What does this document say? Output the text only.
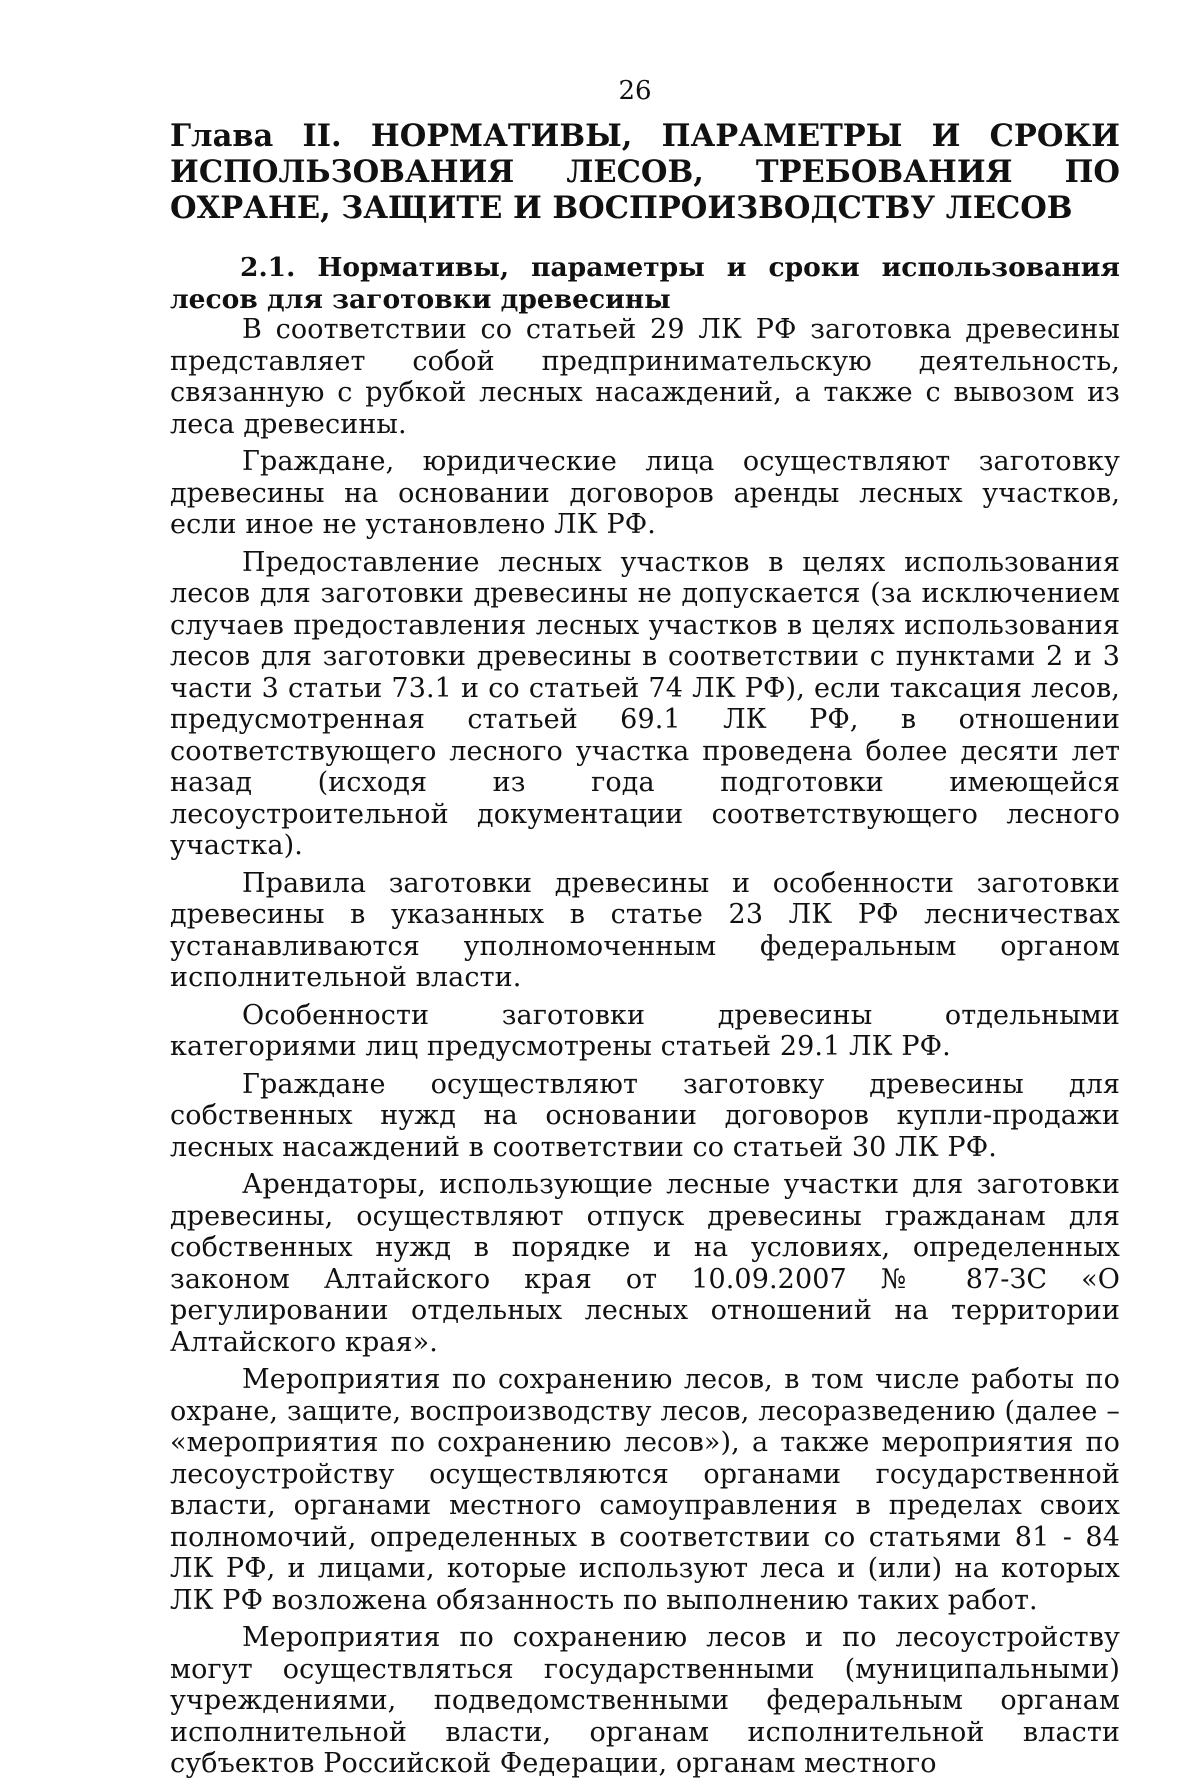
26
Глава II. НОРМАТИВЫ, ПАРАМЕТРЫ И СРОКИ ИСПОЛЬЗОВАНИЯ ЛЕСОВ, ТРЕБОВАНИЯ ПО ОХРАНЕ, ЗАЩИТЕ И ВОСПРОИЗВОДСТВУ ЛЕСОВ
2.1. Нормативы, параметры и сроки использования лесов для заготовки древесины

В соответствии со статьей 29 ЛК РФ заготовка древесины представляет собой предпринимательскую деятельность, связанную с рубкой лесных насаждений, а также с вывозом из леса древесины.

Граждане, юридические лица осуществляют заготовку древесины на основании договоров аренды лесных участков, если иное не установлено ЛК РФ.

Предоставление лесных участков в целях использования лесов для заготовки древесины не допускается (за исключением случаев предоставления лесных участков в целях использования лесов для заготовки древесины в соответствии с пунктами 2 и 3 части 3 статьи 73.1 и со статьей 74 ЛК РФ), если таксация лесов, предусмотренная статьей 69.1 ЛК РФ, в отношении соответствующего лесного участка проведена более десяти лет назад (исходя из года подготовки имеющейся лесоустроительной документации соответствующего лесного участка).

Правила заготовки древесины и особенности заготовки древесины в указанных в статье 23 ЛК РФ лесничествах устанавливаются уполномоченным федеральным органом исполнительной власти.

Особенности заготовки древесины отдельными категориями лиц предусмотрены статьей 29.1 ЛК РФ.

Граждане осуществляют заготовку древесины для собственных нужд на основании договоров купли-продажи лесных насаждений в соответствии со статьей 30 ЛК РФ.

Арендаторы, использующие лесные участки для заготовки древесины, осуществляют отпуск древесины гражданам для собственных нужд в порядке и на условиях, определенных законом Алтайского края от 10.09.2007 № 87-ЗС «О регулировании отдельных лесных отношений на территории Алтайского края».

Мероприятия по сохранению лесов, в том числе работы по охране, защите, воспроизводству лесов, лесоразведению (далее – «мероприятия по сохранению лесов»), а также мероприятия по лесоустройству осуществляются органами государственной власти, органами местного самоуправления в пределах своих полномочий, определенных в соответствии со статьями 81 - 84 ЛК РФ, и лицами, которые используют леса и (или) на которых ЛК РФ возложена обязанность по выполнению таких работ.

Мероприятия по сохранению лесов и по лесоустройству могут осуществляться государственными (муниципальными) учреждениями, подведомственными федеральным органам исполнительной власти, органам исполнительной власти субъектов Российской Федерации, органам местного
